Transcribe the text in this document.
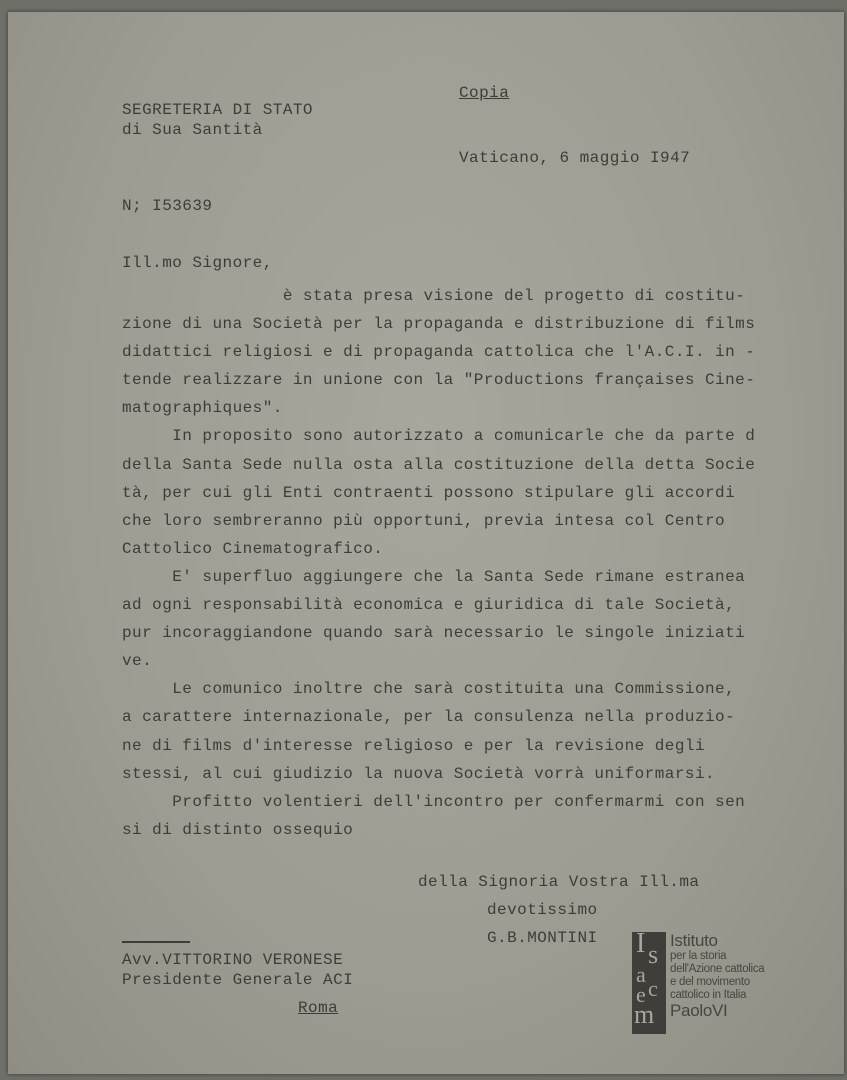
Copia
SEGRETERIA DI STATO
di Sua Santità
Vaticano, 6 maggio I947
N; I53639
Ill.mo Signore,
è stata presa visione del progetto di costitu-
zione di una Società per la propaganda e distribuzione di films
didattici religiosi e di propaganda cattolica che l'A.C.I. in -
tende realizzare in unione con la "Productions françaises Cine-
matographiques".
In proposito sono autorizzato a comunicarle che da parte d
della Santa Sede nulla osta alla costituzione della detta Socie
tà, per cui gli Enti contraenti possono stipulare gli accordi
che loro sembreranno più opportuni, previa intesa col Centro
Cattolico Cinematografico.
E' superfluo aggiungere che la Santa Sede rimane estranea
ad ogni responsabilità economica e giuridica di tale Società,
pur incoraggiandone quando sarà necessario le singole iniziati
ve.
Le comunico inoltre che sarà costituita una Commissione,
a carattere internazionale, per la consulenza nella produzio-
ne di films d'interesse religioso e per la revisione degli
stessi, al cui giudizio la nuova Società vorrà uniformarsi.
Profitto volentieri dell'incontro per confermarmi con sen
si di distinto ossequio
della Signoria Vostra Ill.ma
devotissimo
G.B.MONTINI
Avv.VITTORINO VERONESE
Presidente Generale ACI
Roma
I s
a
e c
m
Istituto
per la storia
dell'Azione cattolica
e del movimento
cattolico in Italia
PaoloVI
